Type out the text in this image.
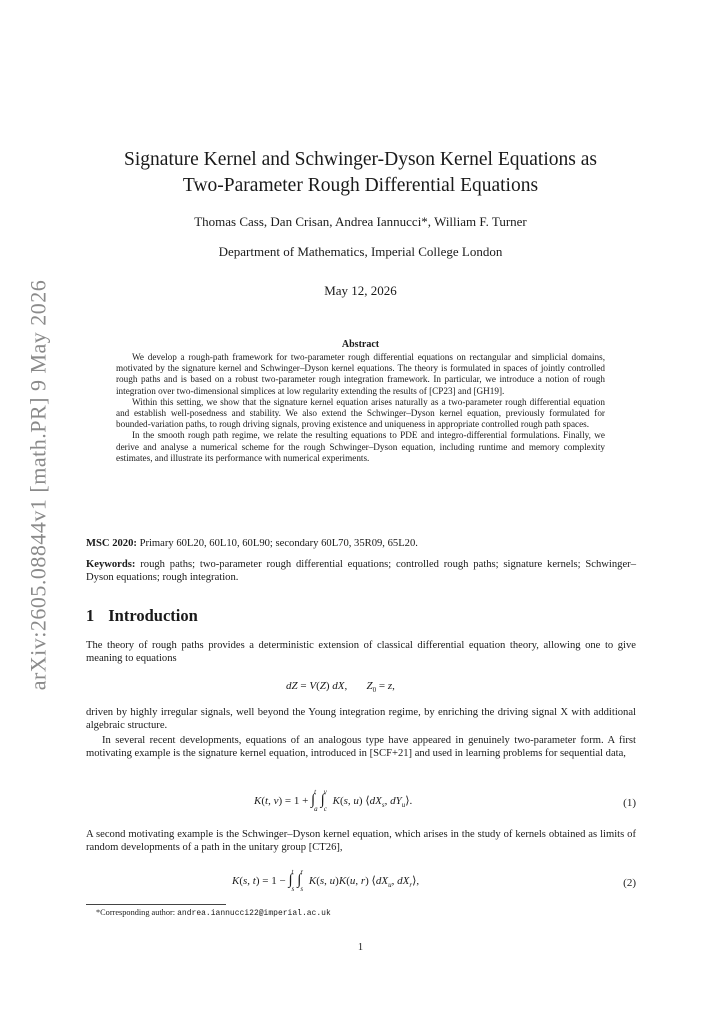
arXiv:2605.08844v1 [math.PR] 9 May 2026
Signature Kernel and Schwinger-Dyson Kernel Equations as
Two-Parameter Rough Differential Equations
Thomas Cass, Dan Crisan, Andrea Iannucci*, William F. Turner
Department of Mathematics, Imperial College London
May 12, 2026
Abstract

We develop a rough-path framework for two-parameter rough differential equations on rectangular and simplicial domains, motivated by the signature kernel and Schwinger–Dyson kernel equations. The theory is formulated in spaces of jointly controlled rough paths and is based on a robust two-parameter rough integration framework. In particular, we introduce a notion of rough integration over two-dimensional simplices at low regularity extending the results of [CP23] and [GH19].

Within this setting, we show that the signature kernel equation arises naturally as a two-parameter rough differential equation and establish well-posedness and stability. We also extend the Schwinger–Dyson kernel equation, previously formulated for bounded-variation paths, to rough driving signals, proving existence and uniqueness in appropriate controlled rough path spaces.

In the smooth rough path regime, we relate the resulting equations to PDE and integro-differential formulations. Finally, we derive and analyse a numerical scheme for the rough Schwinger–Dyson equation, including runtime and memory complexity estimates, and illustrate its performance with numerical experiments.

MSC 2020: Primary 60L20, 60L10, 60L90; secondary 60L70, 35R09, 65L20.
Keywords: rough paths; two-parameter rough differential equations; controlled rough paths; signature kernels; Schwinger–Dyson equations; rough integration.
1 Introduction

The theory of rough paths provides a deterministic extension of classical differential equation theory, allowing one to give meaning to equations

dZ = V(Z) dX,       $Z_0 = z$,

driven by highly irregular signals, well beyond the Young integration regime, by enriching the driving signal X with additional algebraic structure.

In several recent developments, equations of an analogous type have appeared in genuinely two-parameter form. A first motivating example is the signature kernel equation, introduced in [SCF+21] and used in learning problems for sequential data,

K(t, v) = 1 + ∫ t
a
∫ v
c
K(s, u) $⟨dX_s$, $dY_u⟩$.	(1)

A second motivating example is the Schwinger–Dyson kernel equation, which arises in the study of kernels obtained as limits of random developments of a path in the unitary group [CT26],

K(s, t) = 1 − ∫ t
s
∫ r
s
K(s, u)K(u, r) $⟨dX_u$, $dX_r⟩$,	(2)
*Corresponding author: andrea.iannucci22@imperial.ac.uk
1
